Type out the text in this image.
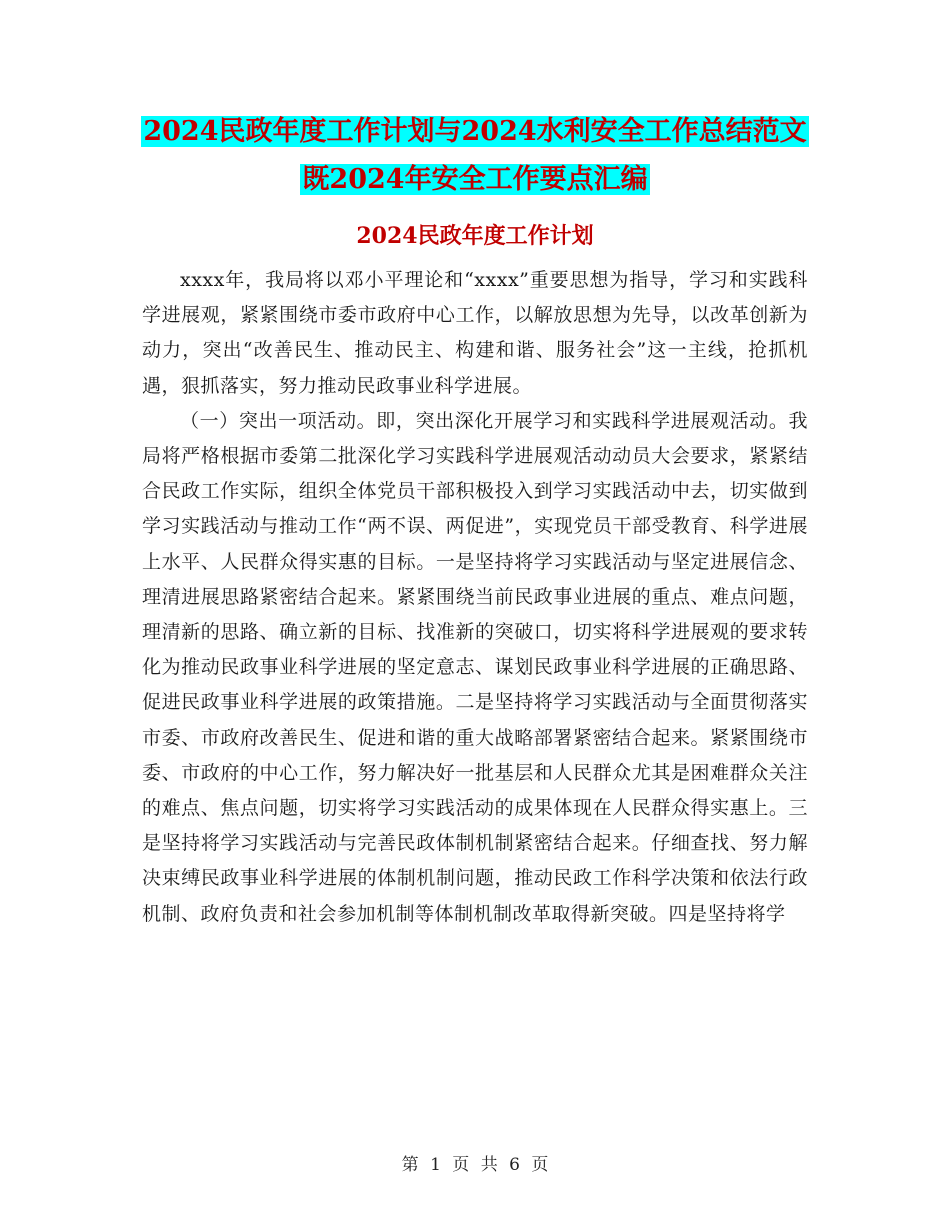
2024民政年度工作计划与2024水利安全工作总结范文
既2024年安全工作要点汇编
2024民政年度工作计划

xxxx年，我局将以邓小平理论和“xxxx”重要思想为指导，学习和实践科学进展观，紧紧围绕市委市政府中心工作，以解放思想为先导，以改革创新为动力，突出“改善民生、推动民主、构建和谐、服务社会”这一主线，抢抓机遇，狠抓落实，努力推动民政事业科学进展。

（一）突出一项活动。即，突出深化开展学习和实践科学进展观活动。我局将严格根据市委第二批深化学习实践科学进展观活动动员大会要求，紧紧结合民政工作实际，组织全体党员干部积极投入到学习实践活动中去，切实做到学习实践活动与推动工作“两不误、两促进”，实现党员干部受教育、科学进展上水平、人民群众得实惠的目标。一是坚持将学习实践活动与坚定进展信念、理清进展思路紧密结合起来。紧紧围绕当前民政事业进展的重点、难点问题，理清新的思路、确立新的目标、找准新的突破口，切实将科学进展观的要求转化为推动民政事业科学进展的坚定意志、谋划民政事业科学进展的正确思路、促进民政事业科学进展的政策措施。二是坚持将学习实践活动与全面贯彻落实市委、市政府改善民生、促进和谐的重大战略部署紧密结合起来。紧紧围绕市委、市政府的中心工作，努力解决好一批基层和人民群众尤其是困难群众关注的难点、焦点问题，切实将学习实践活动的成果体现在人民群众得实惠上。三是坚持将学习实践活动与完善民政体制机制紧密结合起来。仔细查找、努力解决束缚民政事业科学进展的体制机制问题，推动民政工作科学决策和依法行政机制、政府负责和社会参加机制等体制机制改革取得新突破。四是坚持将学

第 1 页 共 6 页
